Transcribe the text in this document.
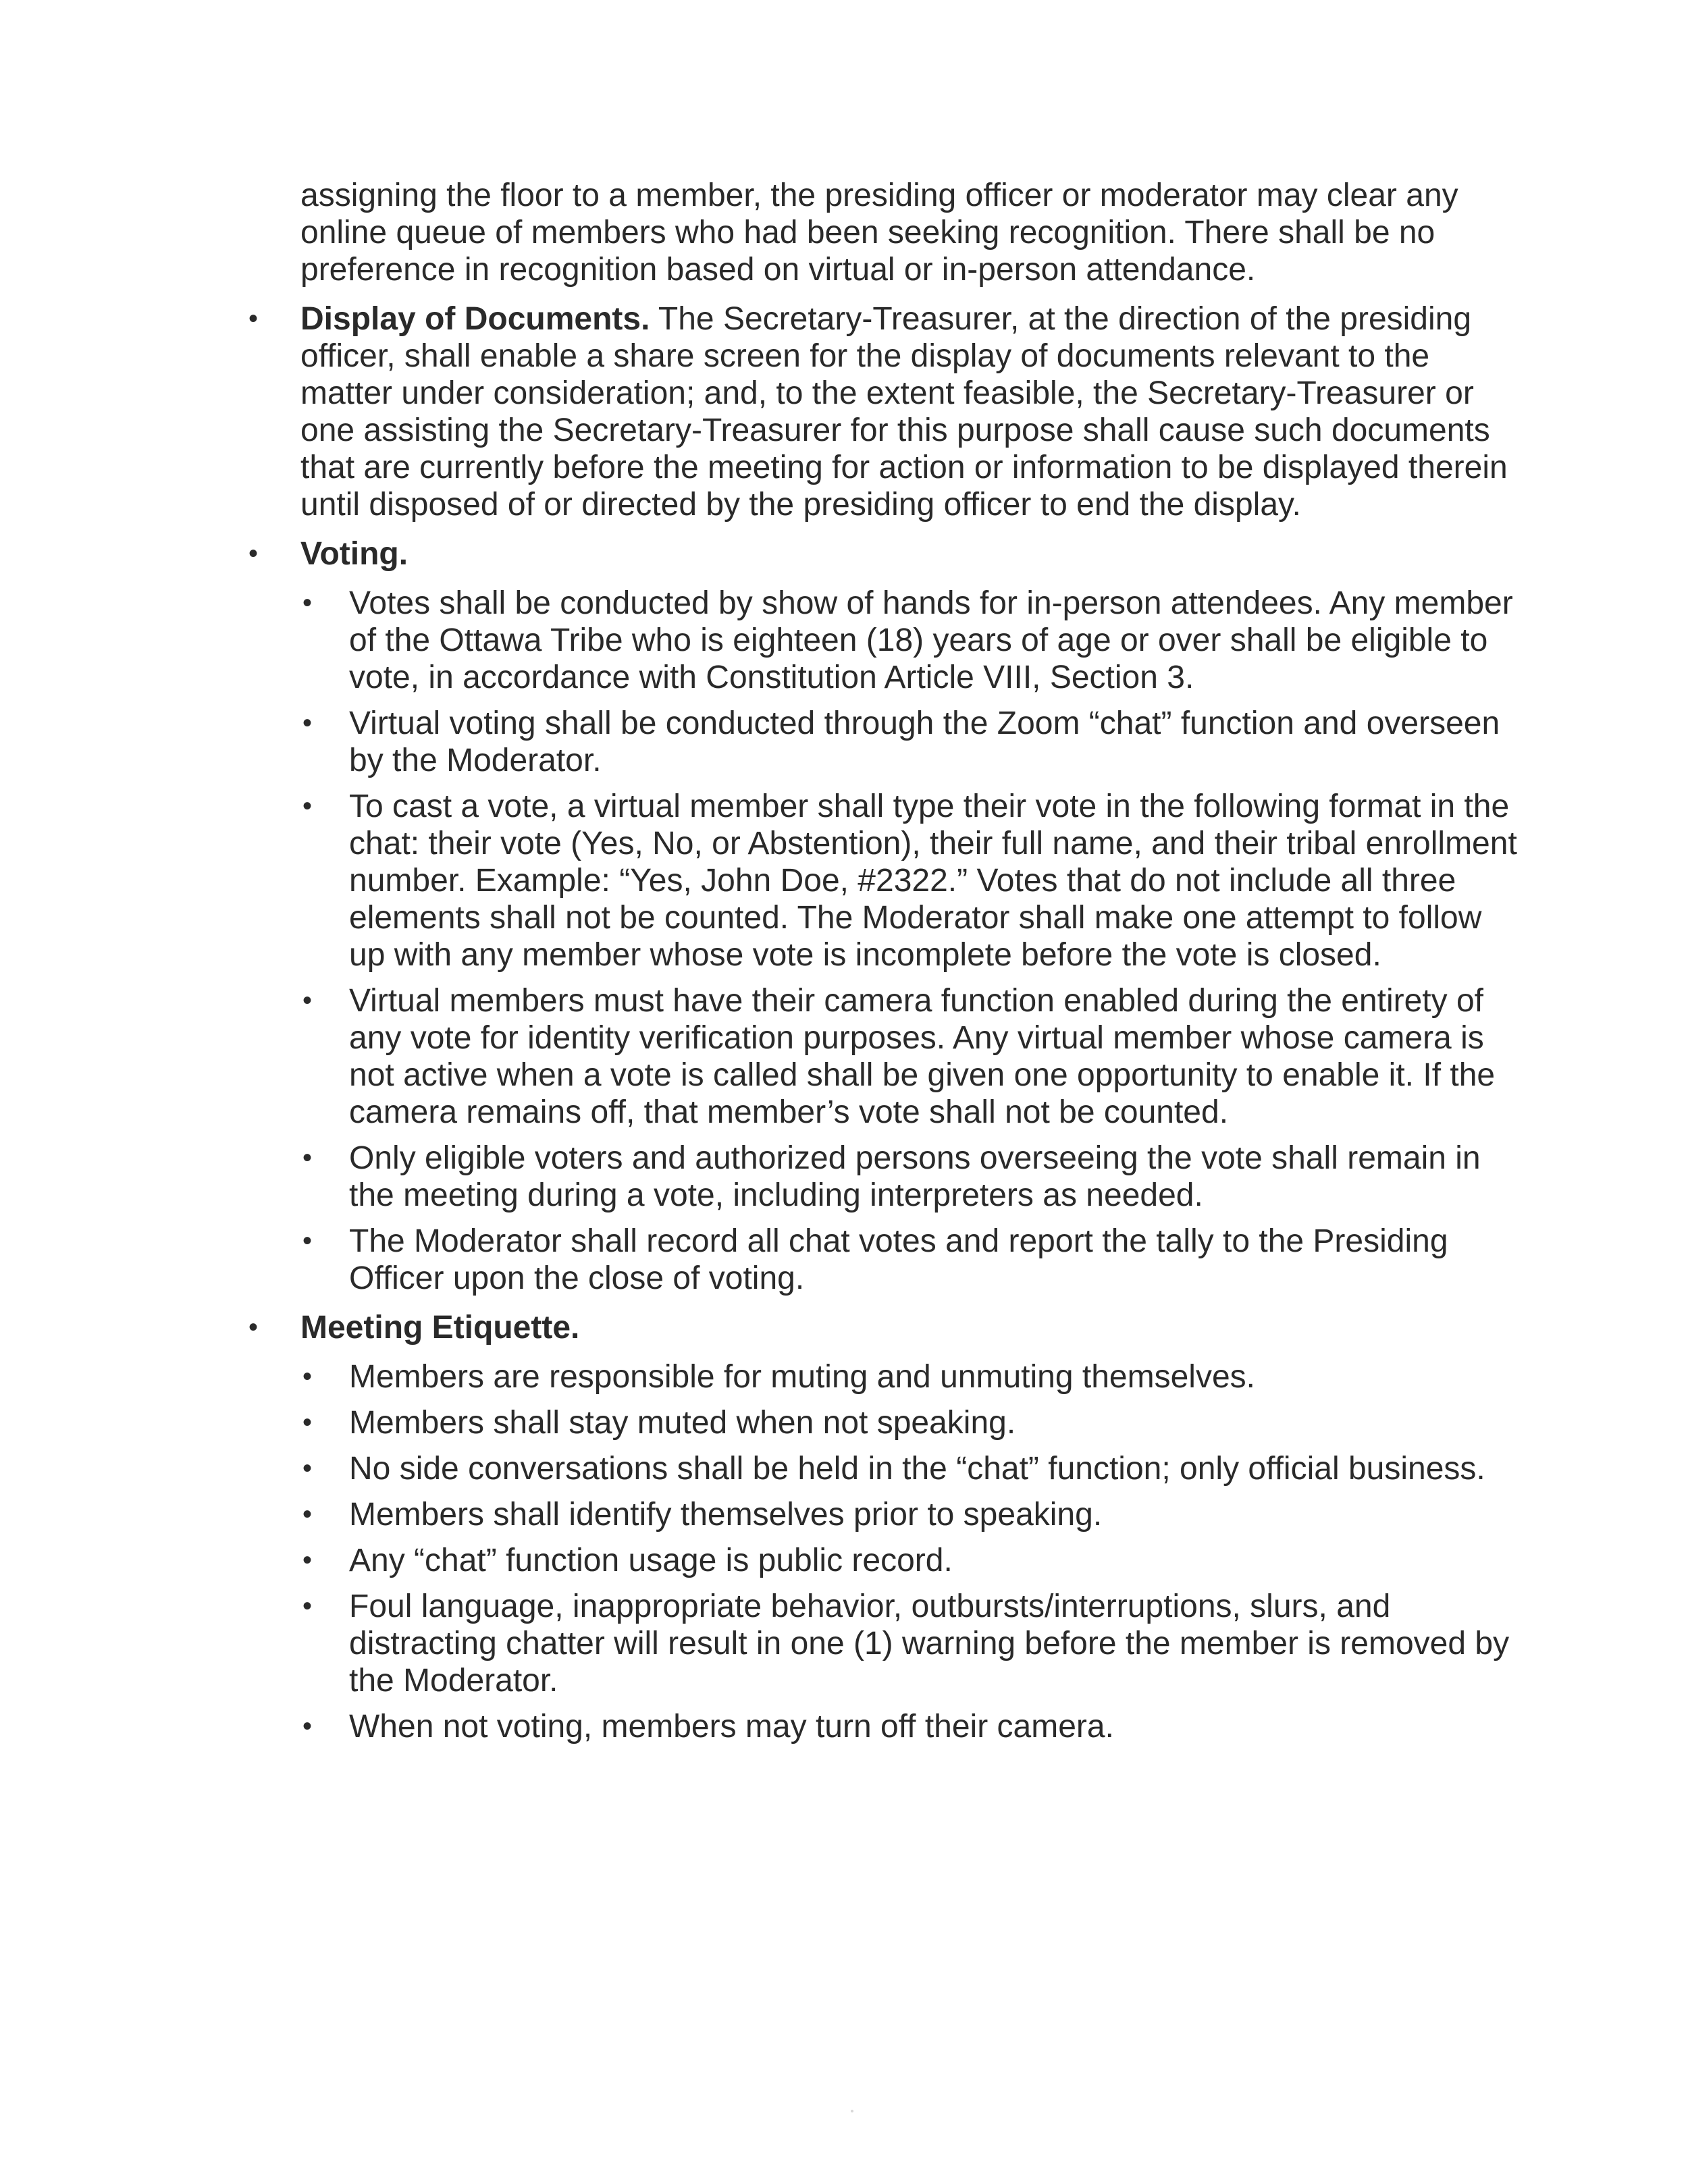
assigning the floor to a member, the presiding officer or moderator may clear any online queue of members who had been seeking recognition. There shall be no preference in recognition based on virtual or in-person attendance.

• Display of Documents. The Secretary-Treasurer, at the direction of the presiding officer, shall enable a share screen for the display of documents relevant to the matter under consideration; and, to the extent feasible, the Secretary-Treasurer or one assisting the Secretary-Treasurer for this purpose shall cause such documents that are currently before the meeting for action or information to be displayed therein until disposed of or directed by the presiding officer to end the display.
• Voting.
• Votes shall be conducted by show of hands for in-person attendees. Any member of the Ottawa Tribe who is eighteen (18) years of age or over shall be eligible to vote, in accordance with Constitution Article VIII, Section 3.
• Virtual voting shall be conducted through the Zoom “chat” function and overseen by the Moderator.
• To cast a vote, a virtual member shall type their vote in the following format in the chat: their vote (Yes, No, or Abstention), their full name, and their tribal enrollment number. Example: “Yes, John Doe, #2322.” Votes that do not include all three elements shall not be counted. The Moderator shall make one attempt to follow up with any member whose vote is incomplete before the vote is closed.
• Virtual members must have their camera function enabled during the entirety of any vote for identity verification purposes. Any virtual member whose camera is not active when a vote is called shall be given one opportunity to enable it. If the camera remains off, that member’s vote shall not be counted.
• Only eligible voters and authorized persons overseeing the vote shall remain in the meeting during a vote, including interpreters as needed.
• The Moderator shall record all chat votes and report the tally to the Presiding Officer upon the close of voting.
• Meeting Etiquette.
• Members are responsible for muting and unmuting themselves.
• Members shall stay muted when not speaking.
• No side conversations shall be held in the “chat” function; only official business.
• Members shall identify themselves prior to speaking.
• Any “chat” function usage is public record.
• Foul language, inappropriate behavior, outbursts/interruptions, slurs, and distracting chatter will result in one (1) warning before the member is removed by the Moderator.
• When not voting, members may turn off their camera.
